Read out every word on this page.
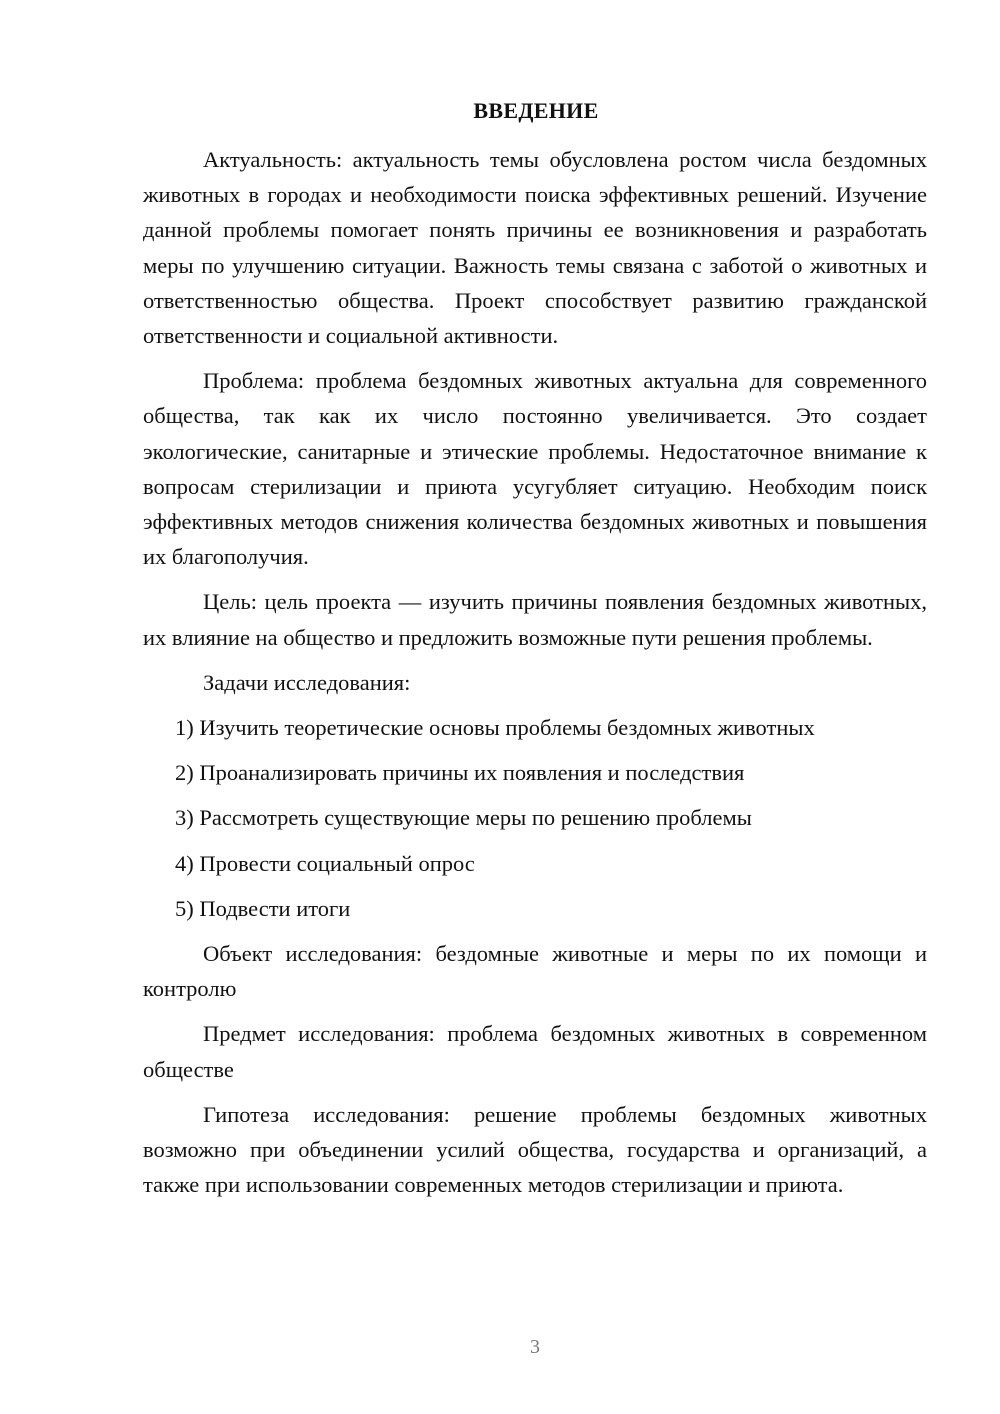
ВВЕДЕНИЕ

Актуальность: актуальность темы обусловлена ростом числа бездомных животных в городах и необходимости поиска эффективных решений. Изучение данной проблемы помогает понять причины ее возникновения и разработать меры по улучшению ситуации. Важность темы связана с заботой о животных и ответственностью общества. Проект способствует развитию гражданской ответственности и социальной активности.

Проблема: проблема бездомных животных актуальна для современного общества, так как их число постоянно увеличивается. Это создает экологические, санитарные и этические проблемы. Недостаточное внимание к вопросам стерилизации и приюта усугубляет ситуацию. Необходим поиск эффективных методов снижения количества бездомных животных и повышения их благополучия.

Цель: цель проекта — изучить причины появления бездомных животных, их влияние на общество и предложить возможные пути решения проблемы.

Задачи исследования:

1) Изучить теоретические основы проблемы бездомных животных
2) Проанализировать причины их появления и последствия
3) Рассмотреть существующие меры по решению проблемы
4) Провести социальный опрос
5) Подвести итоги

Объект исследования: бездомные животные и меры по их помощи и контролю

Предмет исследования: проблема бездомных животных в современном обществе

Гипотеза исследования: решение проблемы бездомных животных возможно при объединении усилий общества, государства и организаций, а также при использовании современных методов стерилизации и приюта.

3
